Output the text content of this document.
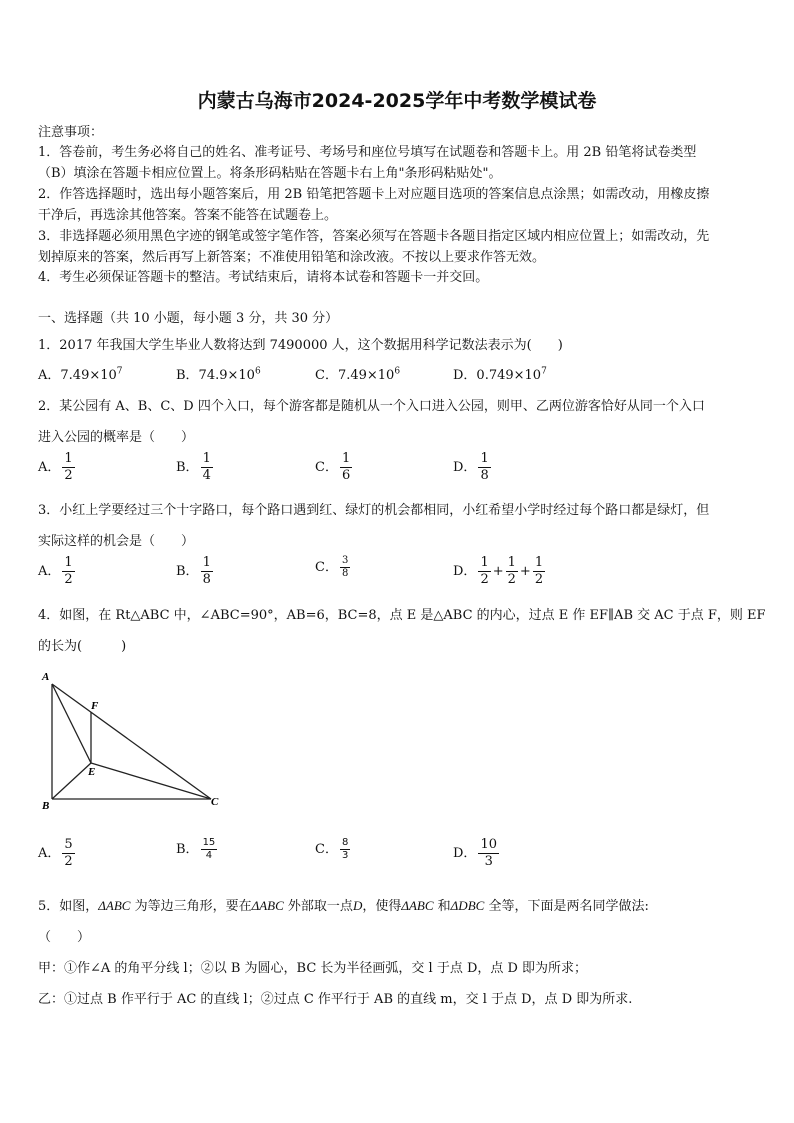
内蒙古乌海市2024-2025学年中考数学模试卷
注意事项：
1．答卷前，考生务必将自己的姓名、准考证号、考场号和座位号填写在试题卷和答题卡上。用 2B 铅笔将试卷类型
（B）填涂在答题卡相应位置上。将条形码粘贴在答题卡右上角"条形码粘贴处"。
2．作答选择题时，选出每小题答案后，用 2B 铅笔把答题卡上对应题目选项的答案信息点涂黑；如需改动，用橡皮擦
干净后，再选涂其他答案。答案不能答在试题卷上。
3．非选择题必须用黑色字迹的钢笔或签字笔作答，答案必须写在答题卡各题目指定区域内相应位置上；如需改动，先
划掉原来的答案，然后再写上新答案；不准使用铅笔和涂改液。不按以上要求作答无效。
4．考生必须保证答题卡的整洁。考试结束后，请将本试卷和答题卡一并交回。
一、选择题（共 10 小题，每小题 3 分，共 30 分）
1．2017 年我国大学生毕业人数将达到 7490000 人，这个数据用科学记数法表示为(　　)
A．$7.49\times 10^7$	B．$74.9\times 10^6$	C．$7.49\times 10^6$	D．$0.749\times 10^7$
2．某公园有 A、B、C、D 四个入口，每个游客都是随机从一个入口进入公园，则甲、乙两位游客恰好从同一个入口
进入公园的概率是（　　）
A． $\frac{1}{2}$	B． $\frac{1}{4}$	C． $\frac{1}{6}$	D． $\frac{1}{8}$
3．小红上学要经过三个十字路口，每个路口遇到红、绿灯的机会都相同，小红希望小学时经过每个路口都是绿灯，但
实际这样的机会是（　　）
A． $\frac{1}{2}$	B． $\frac{1}{8}$	C． $\frac{3}{8}$	D． $\frac{1}{2} + \frac{1}{2} + \frac{1}{2}$
4．如图，在 Rt△ABC 中，∠ABC=90°，AB=6，BC=8，点 E 是△ABC 的内心，过点 E 作 EF∥AB 交 AC 于点 F，则 EF
的长为(　　　)
A
B	C
E
F
A． $\frac{5}{2}$	B． $\frac{15}{4}$	C． $\frac{8}{3}$	D． $\frac{10}{3}$
5．如图，ΔABC 为等边三角形，要在ΔABC 外部取一点D，使得ΔABC 和ΔDBC 全等，下面是两名同学做法:
（　　）
甲：①作∠A 的角平分线 l；②以 B 为圆心，BC 长为半径画弧，交 l 于点 D，点 D 即为所求；
乙：①过点 B 作平行于 AC 的直线 l；②过点 C 作平行于 AB 的直线 m，交 l 于点 D，点 D 即为所求.
